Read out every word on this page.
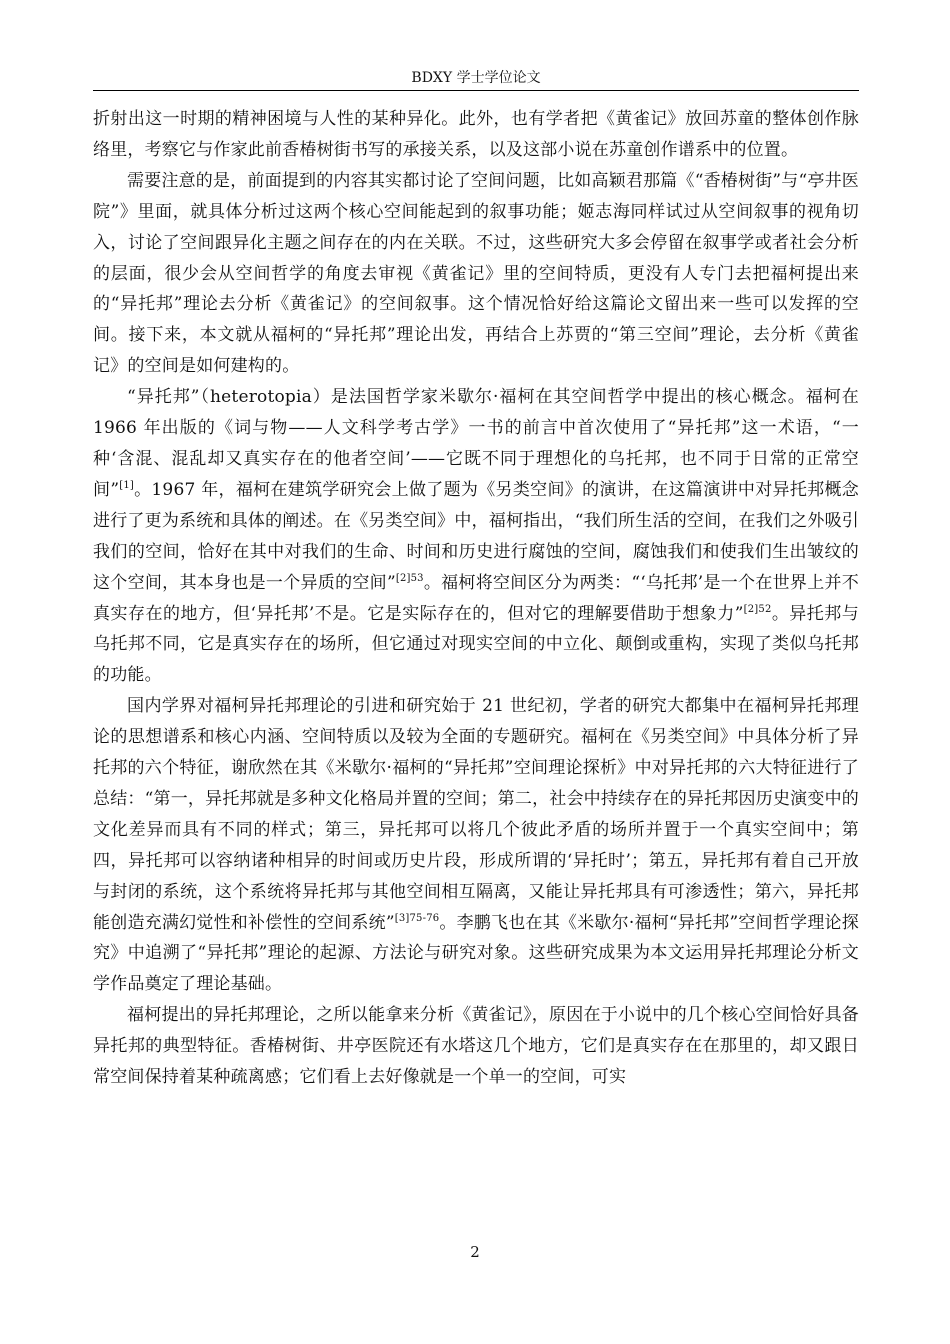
BDXY 学士学位论文

折射出这一时期的精神困境与人性的某种异化。此外，也有学者把《黄雀记》放回苏童的整体创作脉络里，考察它与作家此前香椿树街书写的承接关系，以及这部小说在苏童创作谱系中的位置。

需要注意的是，前面提到的内容其实都讨论了空间问题，比如高颖君那篇《“香椿树街”与“亭井医院”》里面，就具体分析过这两个核心空间能起到的叙事功能；姬志海同样试过从空间叙事的视角切入，讨论了空间跟异化主题之间存在的内在关联。不过，这些研究大多会停留在叙事学或者社会分析的层面，很少会从空间哲学的角度去审视《黄雀记》里的空间特质，更没有人专门去把福柯提出来的“异托邦”理论去分析《黄雀记》的空间叙事。这个情况恰好给这篇论文留出来一些可以发挥的空间。接下来，本文就从福柯的“异托邦”理论出发，再结合上苏贾的“第三空间”理论，去分析《黄雀记》的空间是如何建构的。

“异托邦”（heterotopia）是法国哲学家米歇尔·福柯在其空间哲学中提出的核心概念。福柯在 1966 年出版的《词与物——人文科学考古学》一书的前言中首次使用了“异托邦”这一术语，“一种‘含混、混乱却又真实存在的他者空间’——它既不同于理想化的乌托邦，也不同于日常的正常空间”[1]。1967 年，福柯在建筑学研究会上做了题为《另类空间》的演讲，在这篇演讲中对异托邦概念进行了更为系统和具体的阐述。在《另类空间》中，福柯指出，“我们所生活的空间，在我们之外吸引我们的空间，恰好在其中对我们的生命、时间和历史进行腐蚀的空间，腐蚀我们和使我们生出皱纹的这个空间，其本身也是一个异质的空间”$^{[2]53}$。福柯将空间区分为两类：“‘乌托邦’是一个在世界上并不真实存在的地方，但‘异托邦’不是。它是实际存在的，但对它的理解要借助于想象力”$^{[2]52}$。异托邦与乌托邦不同，它是真实存在的场所，但它通过对现实空间的中立化、颠倒或重构，实现了类似乌托邦的功能。

国内学界对福柯异托邦理论的引进和研究始于 21 世纪初，学者的研究大都集中在福柯异托邦理论的思想谱系和核心内涵、空间特质以及较为全面的专题研究。福柯在《另类空间》中具体分析了异托邦的六个特征，谢欣然在其《米歇尔·福柯的“异托邦”空间理论探析》中对异托邦的六大特征进行了总结：“第一，异托邦就是多种文化格局并置的空间；第二，社会中持续存在的异托邦因历史演变中的文化差异而具有不同的样式；第三，异托邦可以将几个彼此矛盾的场所并置于一个真实空间中；第四，异托邦可以容纳诸种相异的时间或历史片段，形成所谓的‘异托时’；第五，异托邦有着自己开放与封闭的系统，这个系统将异托邦与其他空间相互隔离，又能让异托邦具有可渗透性；第六，异托邦能创造充满幻觉性和补偿性的空间系统”$^{[3]75-76}$。李鹏飞也在其《米歇尔·福柯“异托邦”空间哲学理论探究》中追溯了“异托邦”理论的起源、方法论与研究对象。这些研究成果为本文运用异托邦理论分析文学作品奠定了理论基础。

福柯提出的异托邦理论，之所以能拿来分析《黄雀记》，原因在于小说中的几个核心空间恰好具备异托邦的典型特征。香椿树街、井亭医院还有水塔这几个地方，它们是真实存在在那里的，却又跟日常空间保持着某种疏离感；它们看上去好像就是一个单一的空间，可实

2
